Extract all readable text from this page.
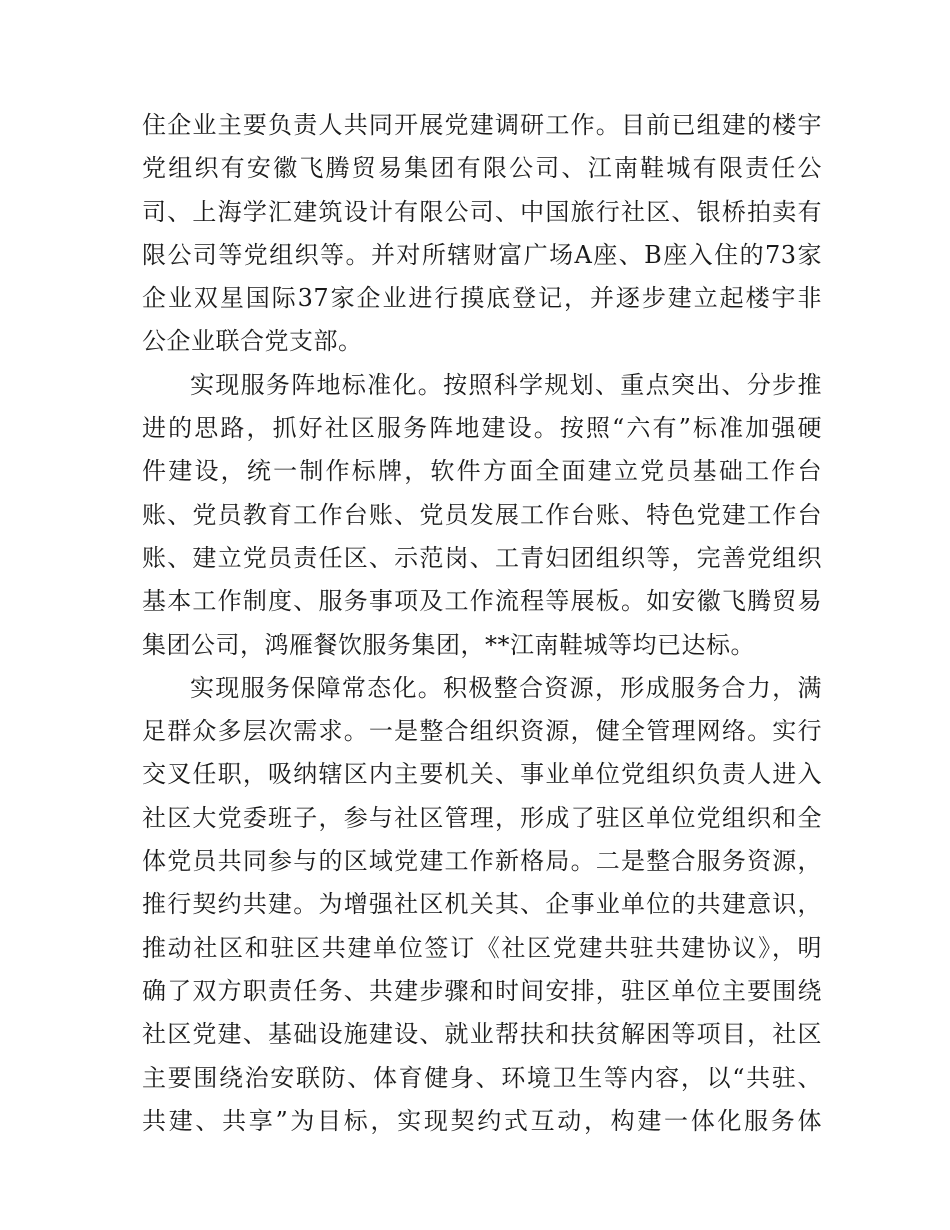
住企业主要负责人共同开展党建调研工作。目前已组建的楼宇
党组织有安徽飞腾贸易集团有限公司、江南鞋城有限责任公
司、上海学汇建筑设计有限公司、中国旅行社区、银桥拍卖有
限公司等党组织等。并对所辖财富广场A座、B座入住的73家
企业双星国际37家企业进行摸底登记，并逐步建立起楼宇非
公企业联合党支部。
实现服务阵地标准化。按照科学规划、重点突出、分步推
进的思路，抓好社区服务阵地建设。按照“六有”标准加强硬
件建设，统一制作标牌，软件方面全面建立党员基础工作台
账、党员教育工作台账、党员发展工作台账、特色党建工作台
账、建立党员责任区、示范岗、工青妇团组织等，完善党组织
基本工作制度、服务事项及工作流程等展板。如安徽飞腾贸易
集团公司，鸿雁餐饮服务集团，**江南鞋城等均已达标。
实现服务保障常态化。积极整合资源，形成服务合力，满
足群众多层次需求。一是整合组织资源，健全管理网络。实行
交叉任职，吸纳辖区内主要机关、事业单位党组织负责人进入
社区大党委班子，参与社区管理，形成了驻区单位党组织和全
体党员共同参与的区域党建工作新格局。二是整合服务资源，
推行契约共建。为增强社区机关其、企事业单位的共建意识，
推动社区和驻区共建单位签订《社区党建共驻共建协议》，明
确了双方职责任务、共建步骤和时间安排，驻区单位主要围绕
社区党建、基础设施建设、就业帮扶和扶贫解困等项目，社区
主要围绕治安联防、体育健身、环境卫生等内容，以“共驻、
共建、共享”为目标，实现契约式互动，构建一体化服务体
